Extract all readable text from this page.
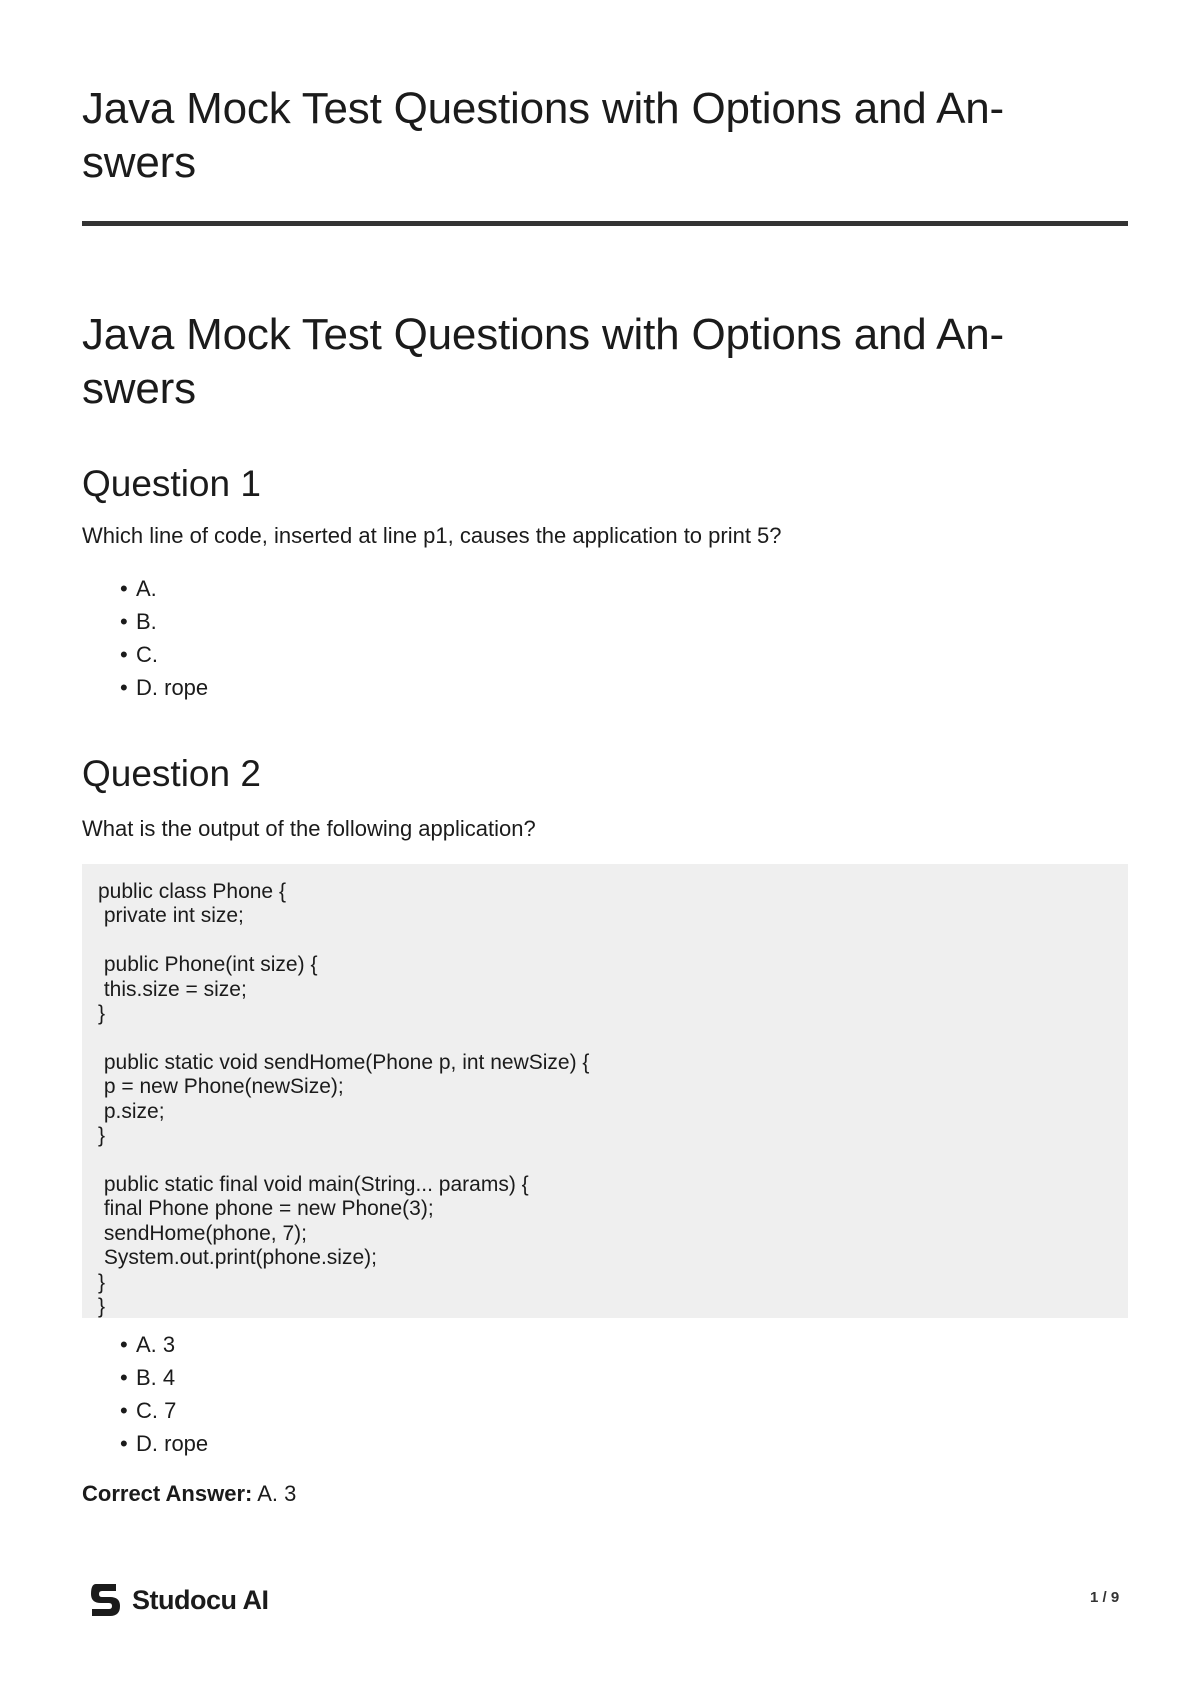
Java Mock Test Questions with Options and An-
swers
Java Mock Test Questions with Options and An-
swers
Question 1
Which line of code, inserted at line p1, causes the application to print 5?
• A.
• B.
• C.
• D. rope
Question 2
What is the output of the following application?
public class Phone {
private int size;

public Phone(int size) {
this.size = size;
}

public static void sendHome(Phone p, int newSize) {
p = new Phone(newSize);
p.size;
}

public static final void main(String... params) {
final Phone phone = new Phone(3);
sendHome(phone, 7);
System.out.print(phone.size);
}
}
• A. 3
• B. 4
• C. 7
• D. rope
Correct Answer: A. 3
Studocu AI	1 / 9
